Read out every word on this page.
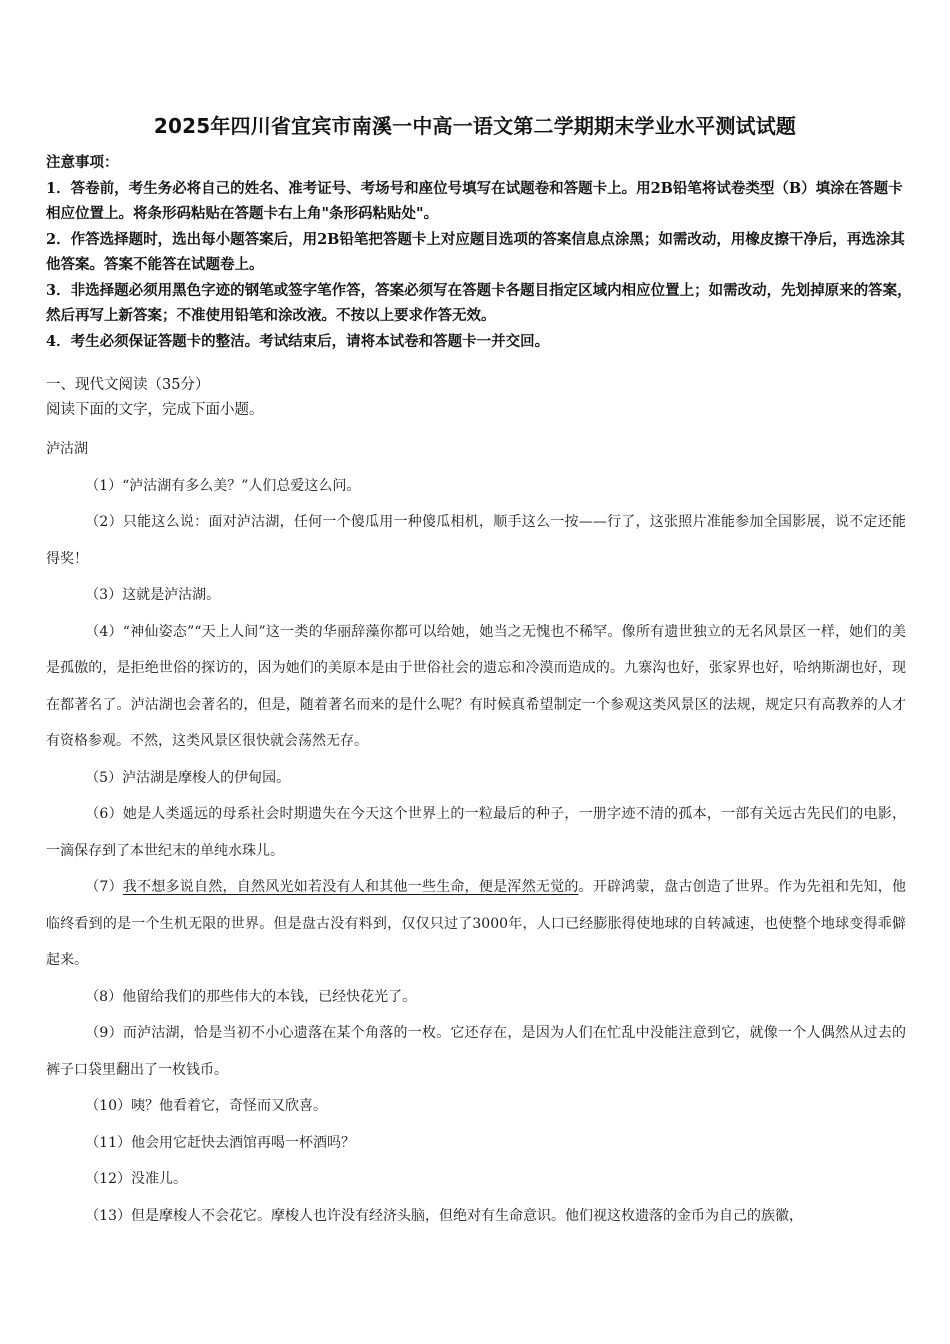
2025年四川省宜宾市南溪一中高一语文第二学期期末学业水平测试试题
注意事项：
1．答卷前，考生务必将自己的姓名、准考证号、考场号和座位号填写在试题卷和答题卡上。用2B铅笔将试卷类型（B）填涂在答题卡相应位置上。将条形码粘贴在答题卡右上角"条形码粘贴处"。
2．作答选择题时，选出每小题答案后，用2B铅笔把答题卡上对应题目选项的答案信息点涂黑；如需改动，用橡皮擦干净后，再选涂其他答案。答案不能答在试题卷上。
3．非选择题必须用黑色字迹的钢笔或签字笔作答，答案必须写在答题卡各题目指定区域内相应位置上；如需改动，先划掉原来的答案，然后再写上新答案；不准使用铅笔和涂改液。不按以上要求作答无效。
4．考生必须保证答题卡的整洁。考试结束后，请将本试卷和答题卡一并交回。
一、现代文阅读（35分）
阅读下面的文字，完成下面小题。

泸沽湖

（1）“泸沽湖有多么美？”人们总爱这么问。

（2）只能这么说：面对泸沽湖，任何一个傻瓜用一种傻瓜相机，顺手这么一按——行了，这张照片准能参加全国影展，说不定还能得奖！

（3）这就是泸沽湖。

（4）“神仙姿态”“天上人间”这一类的华丽辞藻你都可以给她，她当之无愧也不稀罕。像所有遗世独立的无名风景区一样，她们的美是孤傲的，是拒绝世俗的探访的，因为她们的美原本是由于世俗社会的遗忘和冷漠而造成的。九寨沟也好，张家界也好，哈纳斯湖也好，现在都著名了。泸沽湖也会著名的，但是，随着著名而来的是什么呢？有时候真希望制定一个参观这类风景区的法规，规定只有高教养的人才有资格参观。不然，这类风景区很快就会荡然无存。

（5）泸沽湖是摩梭人的伊甸园。

（6）她是人类遥远的母系社会时期遗失在今天这个世界上的一粒最后的种子，一册字迹不清的孤本，一部有关远古先民们的电影，一滴保存到了本世纪末的单纯水珠儿。

（7）我不想多说自然，自然风光如若没有人和其他一些生命，便是浑然无觉的。开辟鸿蒙，盘古创造了世界。作为先祖和先知，他临终看到的是一个生机无限的世界。但是盘古没有料到，仅仅只过了3000年，人口已经膨胀得使地球的自转减速，也使整个地球变得乖僻起来。

（8）他留给我们的那些伟大的本钱，已经快花光了。

（9）而泸沽湖，恰是当初不小心遗落在某个角落的一枚。它还存在，是因为人们在忙乱中没能注意到它，就像一个人偶然从过去的裤子口袋里翻出了一枚钱币。

（10）咦？他看着它，奇怪而又欣喜。

（11）他会用它赶快去酒馆再喝一杯酒吗？

（12）没准儿。

（13）但是摩梭人不会花它。摩梭人也许没有经济头脑，但绝对有生命意识。他们视这枚遗落的金币为自己的族徽，
